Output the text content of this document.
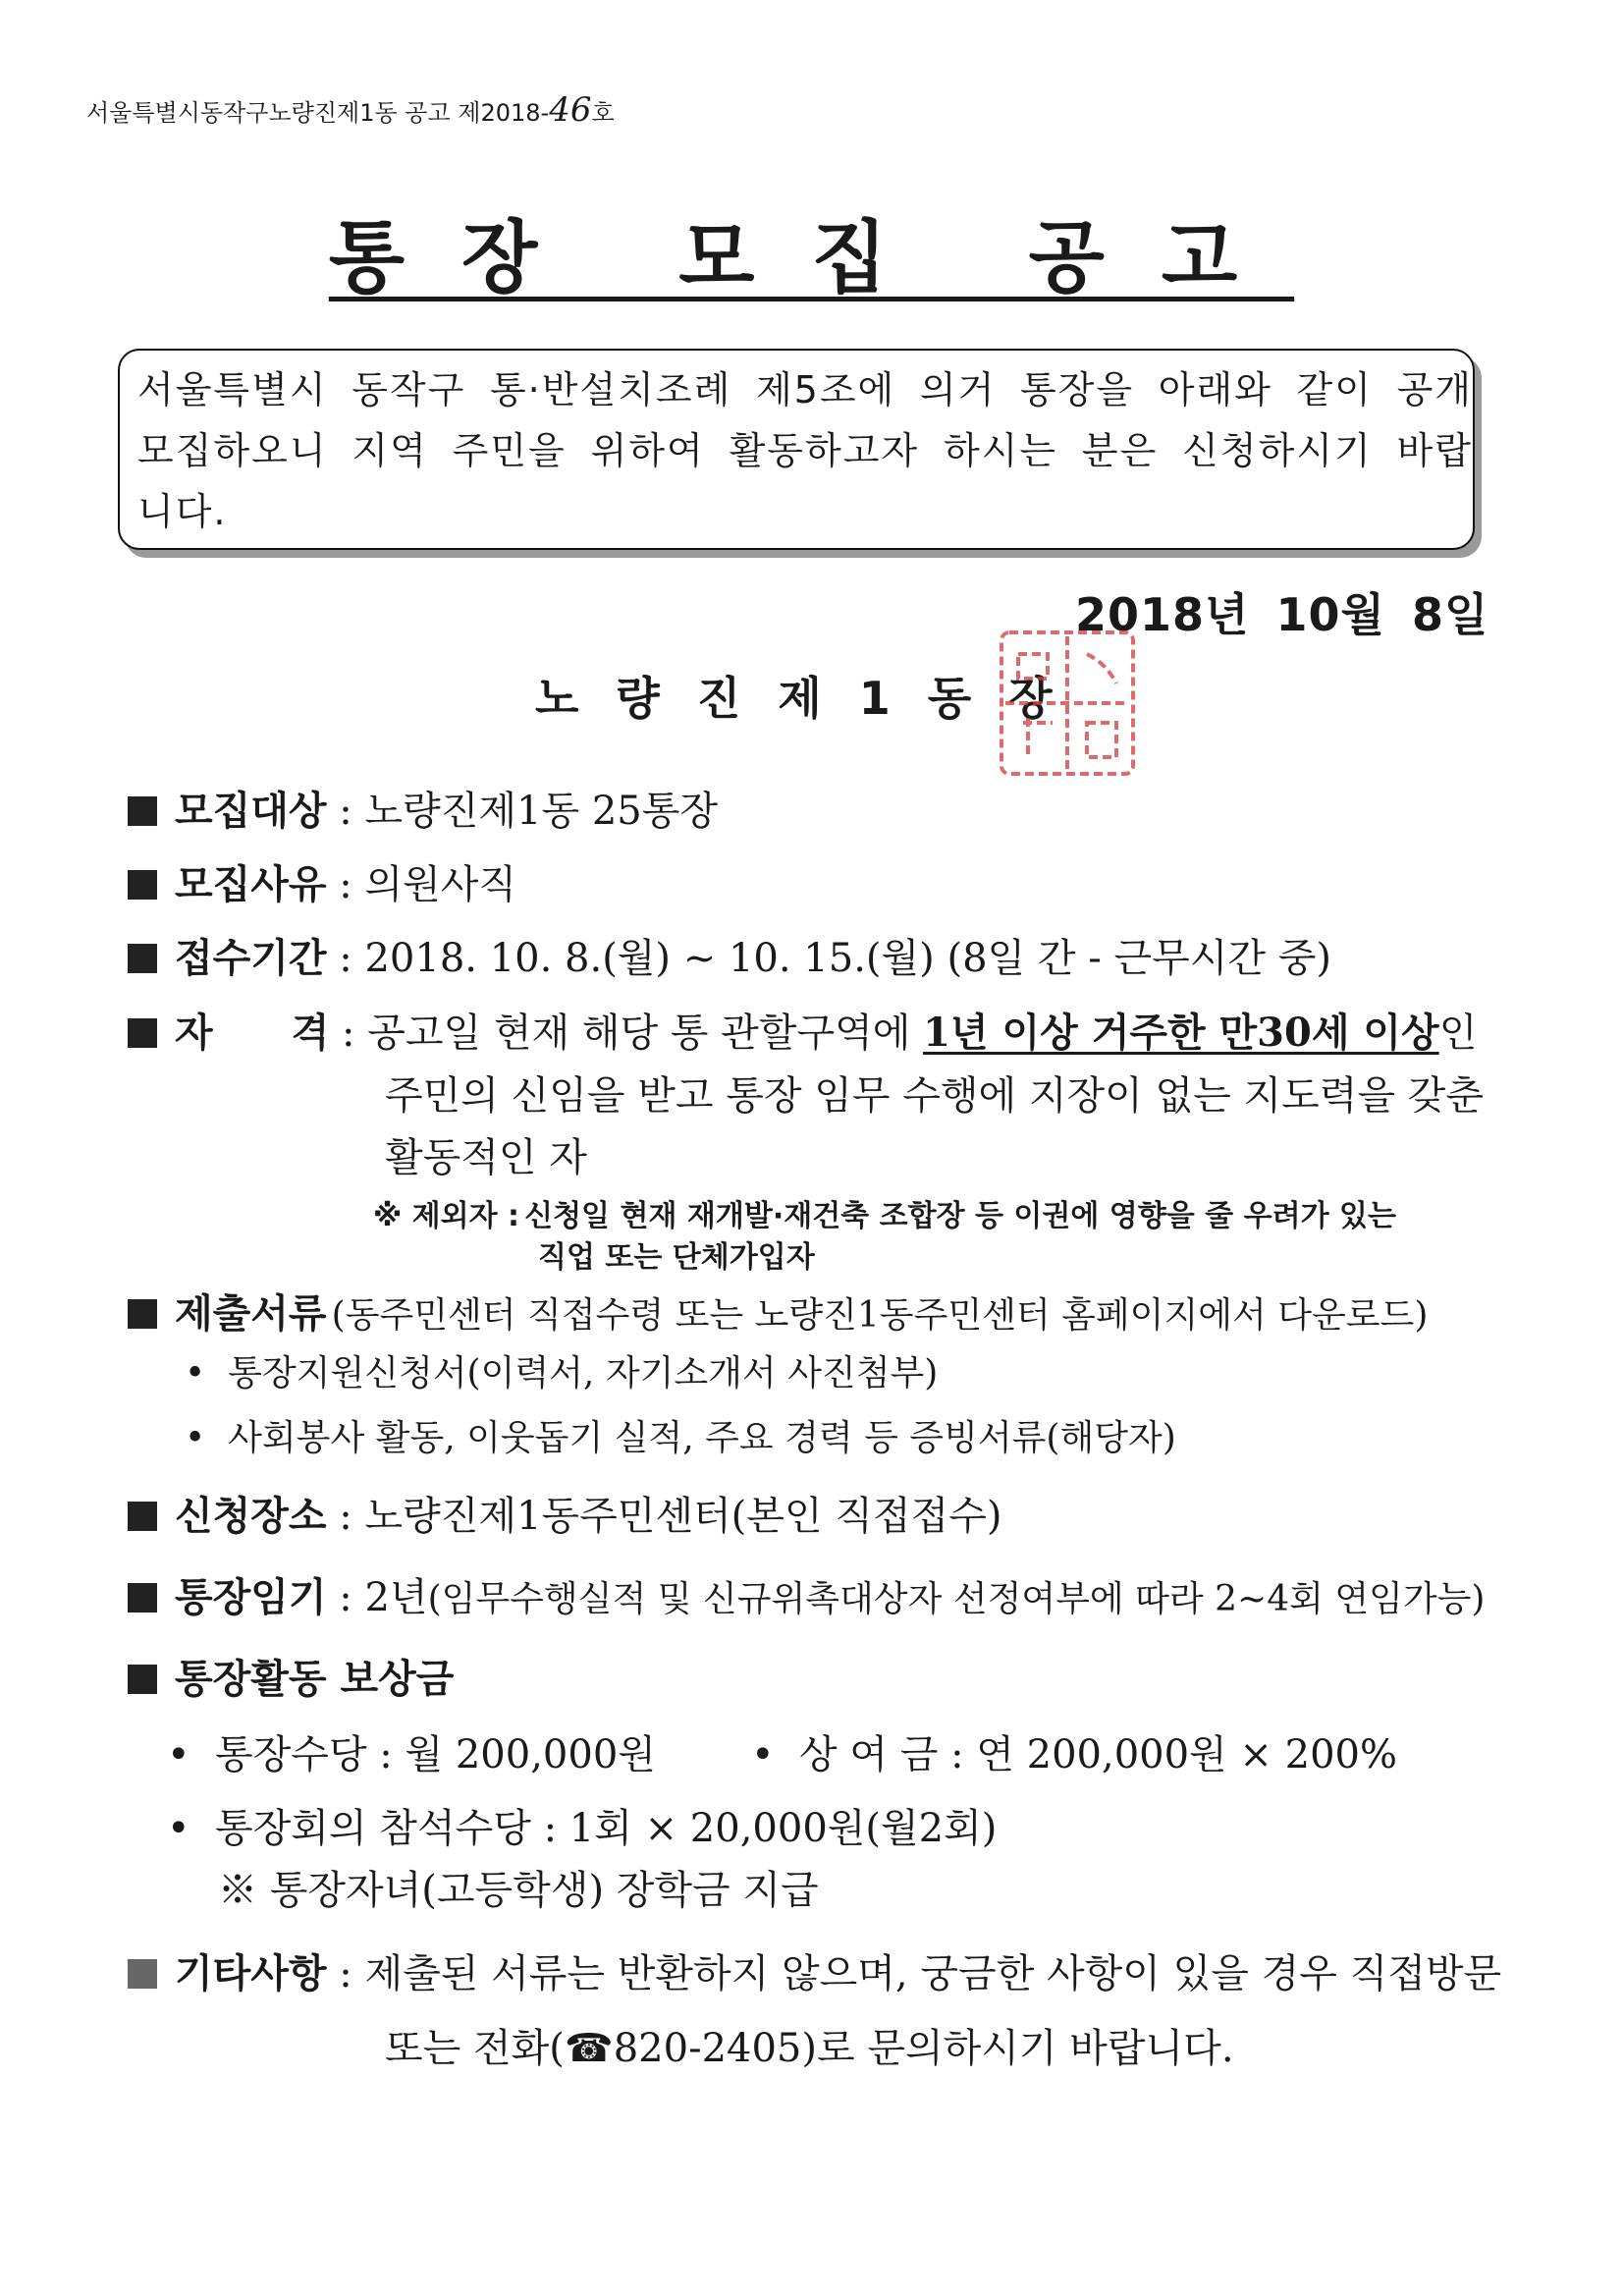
서울특별시동작구노량진제1동 공고 제2018-46호
통장 모집 공고
서울특별시 동작구 통·반설치조례 제5조에 의거 통장을 아래와 같이 공개모집하오니 지역 주민을 위하여 활동하고자 하시는 분은 신청하시기 바랍니다.
2018년 10월 8일
노량진제1동장
모집대상 : 노량진제1동 25통장
모집사유 : 의원사직
접수기간 : 2018. 10. 8.(월) ~ 10. 15.(월) (8일 간 - 근무시간 중)
자　　격 : 공고일 현재 해당 통 관할구역에 1년 이상 거주한 만30세 이상인
주민의 신임을 받고 통장 임무 수행에 지장이 없는 지도력을 갖춘
활동적인 자
※ 제외자 : 신청일 현재 재개발·재건축 조합장 등 이권에 영향을 줄 우려가 있는
직업 또는 단체가입자
제출서류 (동주민센터 직접수령 또는 노량진1동주민센터 홈페이지에서 다운로드)
•  통장지원신청서(이력서, 자기소개서 사진첨부)
•  사회봉사 활동, 이웃돕기 실적, 주요 경력 등 증빙서류(해당자)
신청장소 : 노량진제1동주민센터(본인 직접접수)
통장임기 : 2년(임무수행실적 및 신규위촉대상자 선정여부에 따라 2~4회 연임가능)
통장활동 보상금
•  통장수당 : 월 200,000원 •  상 여 금 : 연 200,000원 × 200%
•  통장회의 참석수당 : 1회 × 20,000원(월2회)
※ 통장자녀(고등학생) 장학금 지급
기타사항 : 제출된 서류는 반환하지 않으며, 궁금한 사항이 있을 경우 직접방문
또는 전화(☎820-2405)로 문의하시기 바랍니다.
